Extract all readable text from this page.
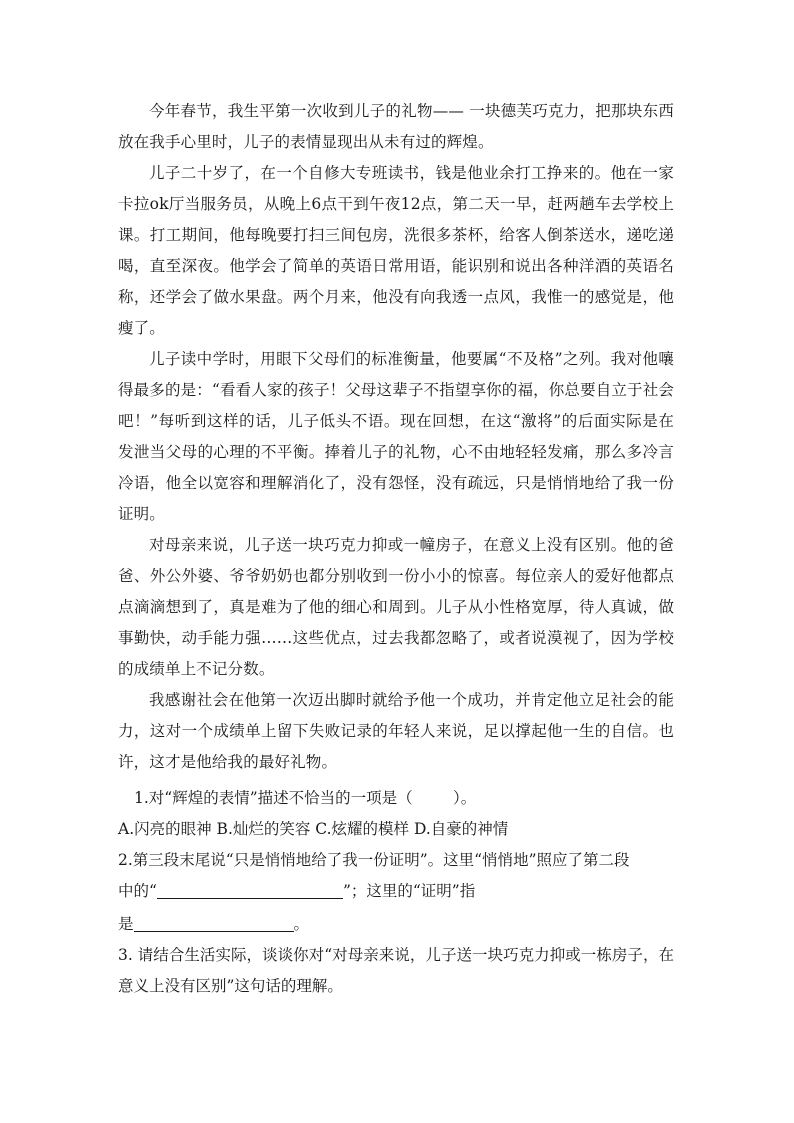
今年春节，我生平第一次收到儿子的礼物—— 一块德芙巧克力，把那块东西放在我手心里时，儿子的表情显现出从未有过的辉煌。

儿子二十岁了，在一个自修大专班读书，钱是他业余打工挣来的。他在一家卡拉ok厅当服务员，从晚上6点干到午夜12点，第二天一早，赶两趟车去学校上课。打工期间，他每晚要打扫三间包房，洗很多茶杯，给客人倒茶送水，递吃递喝，直至深夜。他学会了简单的英语日常用语，能识别和说出各种洋酒的英语名称，还学会了做水果盘。两个月来，他没有向我透一点风，我惟一的感觉是，他瘦了。

儿子读中学时，用眼下父母们的标准衡量，他要属“不及格”之列。我对他嚷得最多的是：“看看人家的孩子！父母这辈子不指望享你的福，你总要自立于社会吧！”每听到这样的话，儿子低头不语。现在回想，在这“激将”的后面实际是在发泄当父母的心理的不平衡。捧着儿子的礼物，心不由地轻轻发痛，那么多冷言冷语，他全以宽容和理解消化了，没有怨怪，没有疏远，只是悄悄地给了我一份证明。

对母亲来说，儿子送一块巧克力抑或一幢房子，在意义上没有区别。他的爸爸、外公外婆、爷爷奶奶也都分别收到一份小小的惊喜。每位亲人的爱好他都点点滴滴想到了，真是难为了他的细心和周到。儿子从小性格宽厚，待人真诚，做事勤快，动手能力强……这些优点，过去我都忽略了，或者说漠视了，因为学校的成绩单上不记分数。

我感谢社会在他第一次迈出脚时就给予他一个成功，并肯定他立足社会的能力，这对一个成绩单上留下失败记录的年轻人来说，足以撑起他一生的自信。也许，这才是他给我的最好礼物。

1.对“辉煌的表情”描述不恰当的一项是（	）。
A.闪亮的眼神 B.灿烂的笑容 C.炫耀的模样 D.自豪的神情
2.第三段末尾说“只是悄悄地给了我一份证明”。这里“悄悄地”照应了第二段
中的“	”；这里的“证明”指
是	。
3. 请结合生活实际，谈谈你对“对母亲来说，儿子送一块巧克力抑或一栋房子，在意义上没有区别”这句话的理解。
